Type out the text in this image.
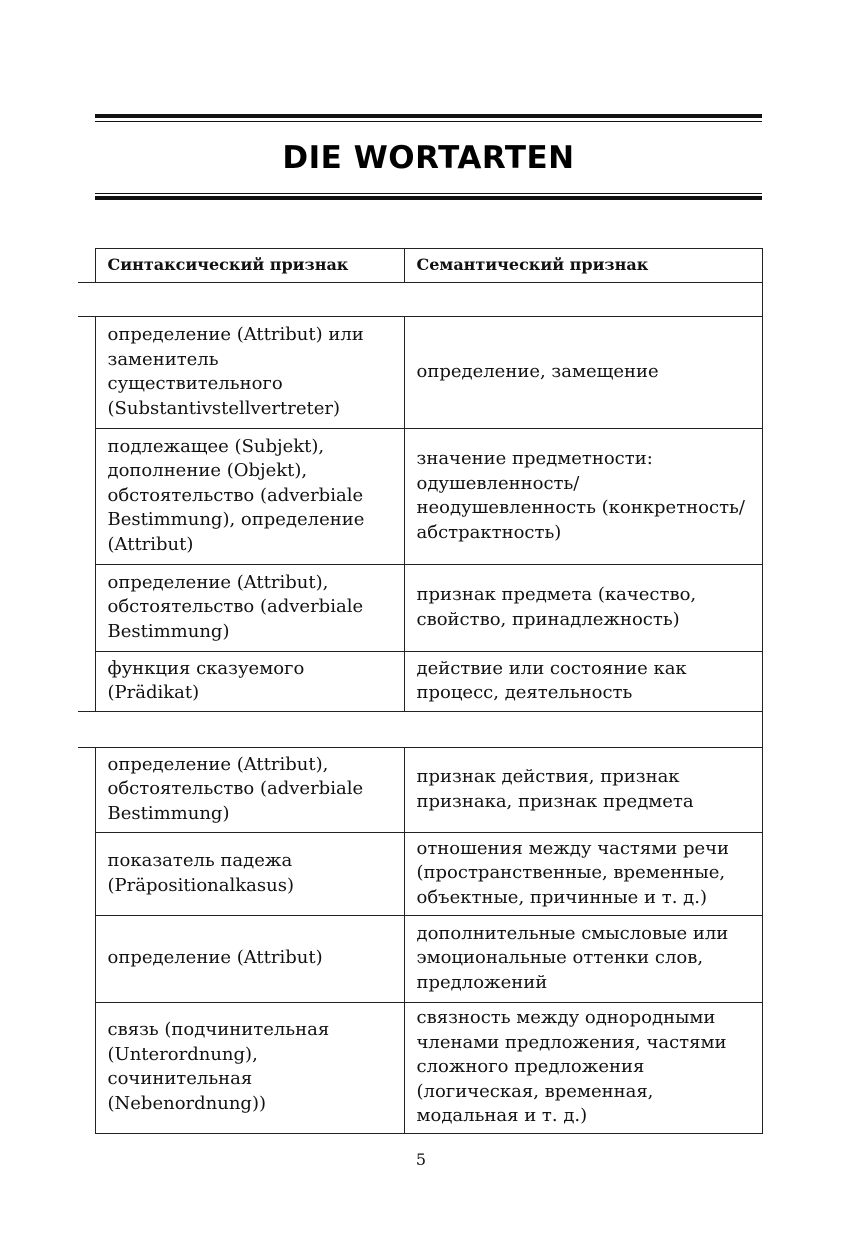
DIE WORTARTEN
	Синтаксический признак	Семантический признак

	определение (Attribut) или заменитель существительного (Substantivstellvertreter)	определение, замещение
	подлежащее (Subjekt), дополнение (Objekt), обстоятельство (adverbiale Bestimmung), определение (Attribut)	значение предметности: одушевленность/ неодушевленность (конкретность/абстрактность)
	определение (Attribut), обстоятельство (adverbiale Bestimmung)	признак предмета (качество, свойство, принадлежность)
	функция сказуемого (Prädikat)	действие или состояние как процесс, деятельность

	определение (Attribut), обстоятельство (adverbiale Bestimmung)	признак действия, признак признака, признак предмета
	показатель падежа (Präpositionalkasus)	отношения между частями речи (пространственные, временные, объектные, причинные и т. д.)
	определение (Attribut)	дополнительные смысловые или эмоциональные оттенки слов, предложений
	связь (подчинительная (Unterordnung), сочинительная (Nebenordnung))	связность между однородными членами предложения, частями сложного предложения (логическая, временная, модальная и т. д.)
5
